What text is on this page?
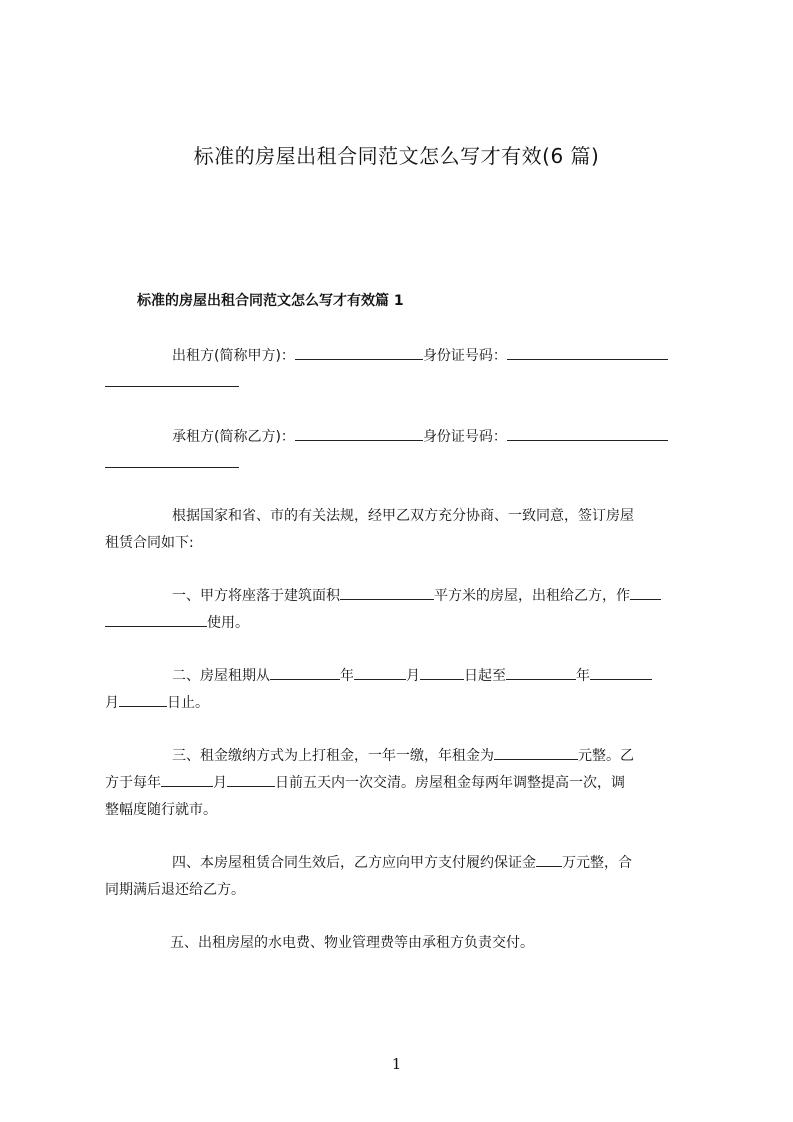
标准的房屋出租合同范文怎么写才有效(6 篇)
标准的房屋出租合同范文怎么写才有效篇 1
出租方(简称甲方)：	身份证号码：
承租方(简称乙方)：	身份证号码：
根据国家和省、市的有关法规，经甲乙双方充分协商、一致同意，签订房屋
租赁合同如下:
一、甲方将座落于建筑面积	平方米的房屋，出租给乙方，作
使用。
二、房屋租期从	年	月	日起至	年
月	日止。
三、租金缴纳方式为上打租金，一年一缴，年租金为	元整。乙
方于每年	月	日前五天内一次交清。房屋租金每两年调整提高一次，调
整幅度随行就市。
四、本房屋租赁合同生效后，乙方应向甲方支付履约保证金 万元整，合
同期满后退还给乙方。
五、出租房屋的水电费、物业管理费等由承租方负责交付。
1
